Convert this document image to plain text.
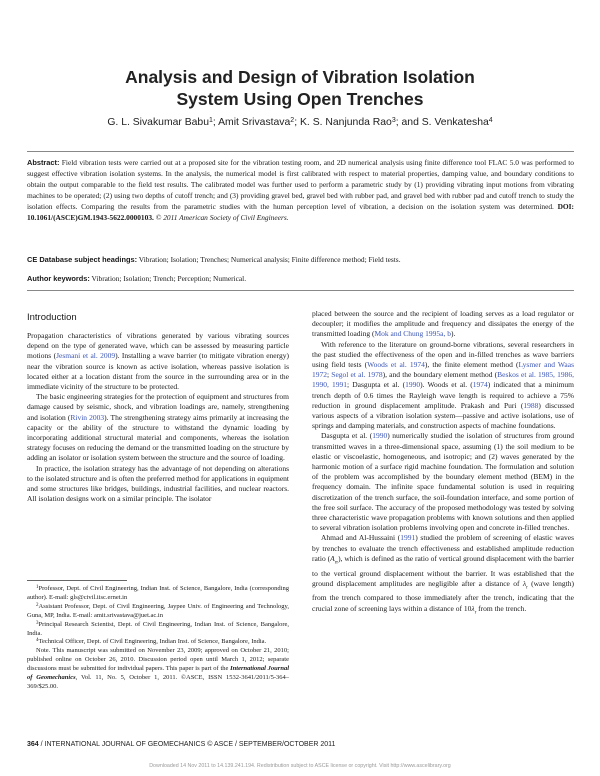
Analysis and Design of Vibration Isolation
System Using Open Trenches
G. L. Sivakumar Babu$^1$; Amit Srivastava$^2$; K. S. Nanjunda Rao$^3$; and S. Venkatesha$^4$
Abstract: Field vibration tests were carried out at a proposed site for the vibration testing room, and 2D numerical analysis using finite difference tool FLAC 5.0 was performed to suggest effective vibration isolation systems. In the analysis, the numerical model is first calibrated with respect to material properties, damping value, and boundary conditions to obtain the output comparable to the field test results. The calibrated model was further used to perform a parametric study by (1) providing vibrating input motions from vibrating machines to be operated; (2) using two depths of cutoff trench; and (3) providing gravel bed, gravel bed with rubber pad, and gravel bed with rubber pad and cutoff trench to study the isolation effects. Comparing the results from the parametric studies with the human perception level of vibration, a decision on the isolation system was determined. DOI: 10.1061/(ASCE)GM.1943-5622.0000103. © 2011 American Society of Civil Engineers.
CE Database subject headings: Vibration; Isolation; Trenches; Numerical analysis; Finite difference method; Field tests.
Author keywords: Vibration; Isolation; Trench; Perception; Numerical.
Introduction

Propagation characteristics of vibrations generated by various vibrating sources depend on the type of generated wave, which can be assessed by measuring particle motions (Jesmani et al. 2009). Installing a wave barrier (to mitigate vibration energy) near the vibration source is known as active isolation, whereas passive isolation is located either at a location distant from the source in the surrounding area or in the immediate vicinity of the structure to be protected.

The basic engineering strategies for the protection of equipment and structures from damage caused by seismic, shock, and vibration loadings are, namely, strengthening and isolation (Rivin 2003). The strengthening strategy aims primarily at increasing the capacity or the ability of the structure to withstand the dynamic loading by incorporating additional structural material and components, whereas the isolation strategy focuses on reducing the demand or the transmitted loading on the structure by adding an isolator or isolation system between the structure and the source of loading.

In practice, the isolation strategy has the advantage of not depending on alterations to the isolated structure and is often the preferred method for applications in equipment and some structures like bridges, buildings, industrial facilities, and nuclear reactors. All isolation designs work on a similar principle. The isolator

$^1$Professor, Dept. of Civil Engineering, Indian Inst. of Science, Bangalore, India (corresponding author). E-mail: gls@civil.iisc.ernet.in

$^2$Assistant Professor, Dept. of Civil Engineering, Jaypee Univ. of Engineering and Technology, Guna, MP, India. E-mail: amit.srivastava@juet.ac.in

$^3$Principal Research Scientist, Dept. of Civil Engineering, Indian Inst. of Science, Bangalore, India.

$^4$Technical Officer, Dept. of Civil Engineering, Indian Inst. of Science, Bangalore, India.

Note. This manuscript was submitted on November 23, 2009; approved on October 21, 2010; published online on October 26, 2010. Discussion period open until March 1, 2012; separate discussions must be submitted for individual papers. This paper is part of the International Journal of Geomechanics, Vol. 11, No. 5, October 1, 2011. ©ASCE, ISSN 1532-3641/2011/5-364–369/$25.00.

placed between the source and the recipient of loading serves as a load regulator or decoupler; it modifies the amplitude and frequency and dissipates the energy of the transmitted loading (Mok and Chung 1995a, b).

With reference to the literature on ground-borne vibrations, several researchers in the past studied the effectiveness of the open and in-filled trenches as wave barriers using field tests (Woods et al. 1974), the finite element method (Lysmer and Waas 1972; Segol et al. 1978), and the boundary element method (Beskos et al. 1985, 1986, 1990, 1991; Dasgupta et al. (1990). Woods et al. (1974) indicated that a minimum trench depth of 0.6 times the Rayleigh wave length is required to achieve a 75% reduction in ground displacement amplitude. Prakash and Puri (1988) discussed various aspects of a vibration isolation system—passive and active isolations, use of springs and damping materials, and construction aspects of machine foundations.

Dasgupta et al. (1990) numerically studied the isolation of structures from ground transmitted waves in a three-dimensional space, assuming (1) the soil medium to be elastic or viscoelastic, homogeneous, and isotropic; and (2) waves generated by the harmonic motion of a surface rigid machine foundation. The formulation and solution of the problem was accomplished by the boundary element method (BEM) in the frequency domain. The infinite space fundamental solution is used in requiring discretization of the trench surface, the soil-foundation interface, and some portion of the free soil surface. The accuracy of the proposed methodology was tested by solving three characteristic wave propagation problems with known solutions and then applied to several vibration isolation problems involving open and concrete in-filled trenches.

Ahmad and Al-Hussaini (1991) studied the problem of screening of elastic waves by trenches to evaluate the trench effectiveness and established amplitude reduction ratio $(A_{rr})$, which is defined as the ratio of vertical ground displacement with the barrier to the vertical ground displacement without the barrier. It was established that the ground displacement amplitudes are negligible after a distance of $\lambda_r$ (wave length) from the trench compared to those immediately after the trench, indicating that the crucial zone of screening lays within a distance of $10\lambda_r$ from the trench.

364 / INTERNATIONAL JOURNAL OF GEOMECHANICS © ASCE / SEPTEMBER/OCTOBER 2011
Downloaded 14 Nov 2011 to 14.139.241.194. Redistribution subject to ASCE license or copyright. Visit http://www.ascelibrary.org
